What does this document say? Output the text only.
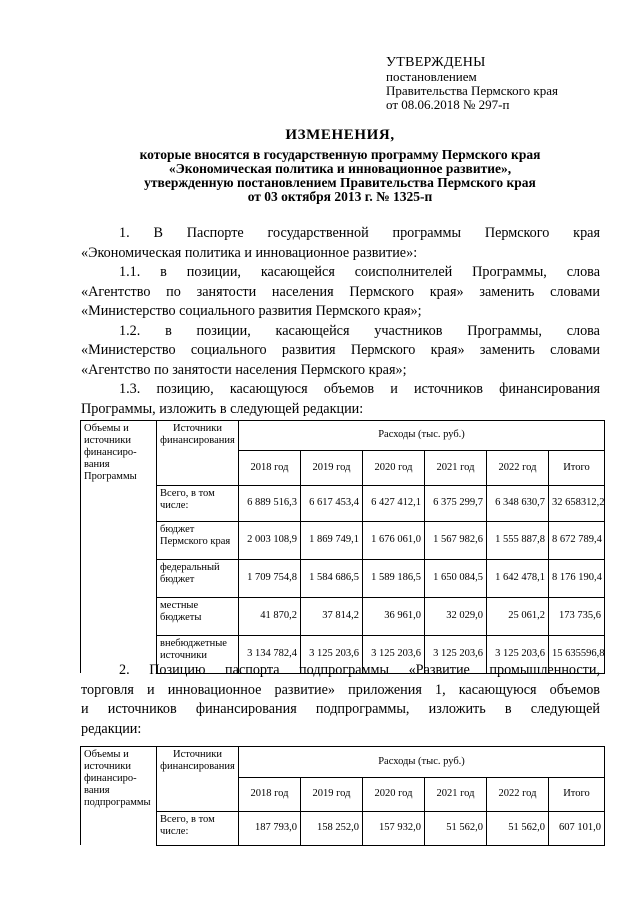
УТВЕРЖДЕНЫ
постановлением
Правительства Пермского края
от 08.06.2018 № 297-п
ИЗМЕНЕНИЯ,
которые вносятся в государственную программу Пермского края
«Экономическая политика и инновационное развитие»,
утвержденную постановлением Правительства Пермского края
от 03 октября 2013 г. № 1325-п
1. В Паспорте государственной программы Пермского края
«Экономическая политика и инновационное развитие»:
1.1. в позиции, касающейся соисполнителей Программы, слова
«Агентство по занятости населения Пермского края» заменить словами
«Министерство социального развития Пермского края»;
1.2. в позиции, касающейся участников Программы, слова
«Министерство социального развития Пермского края» заменить словами
«Агентство по занятости населения Пермского края»;
1.3. позицию, касающуюся объемов и источников финансирования
Программы, изложить в следующей редакции:
Объемы и источники финансиро-вания Программы	Источники финансирования	Расходы (тыс. руб.)					
		2018 год	2019 год	2020 год	2021 год	2022 год	Итого
	Всего, в том числе:	6 889 516,3	6 617 453,4	6 427 412,1	6 375 299,7	6 348 630,7	32 658312,2
	бюджет Пермского края	2 003 108,9	1 869 749,1	1 676 061,0	1 567 982,6	1 555 887,8	8 672 789,4
	федеральный бюджет	1 709 754,8	1 584 686,5	1 589 186,5	1 650 084,5	1 642 478,1	8 176 190,4
	местные бюджеты	41 870,2	37 814,2	36 961,0	32 029,0	25 061,2	173 735,6
	внебюджетные источники	3 134 782,4	3 125 203,6	3 125 203,6	3 125 203,6	3 125 203,6	15 635596,8
2. Позицию паспорта подпрограммы «Развитие промышленности,
торговля и инновационное развитие» приложения 1, касающуюся объемов
и источников финансирования подпрограммы, изложить в следующей
редакции:
Объемы и источники финансиро-вания подпрограммы	Источники финансирования	Расходы (тыс. руб.)					
		2018 год	2019 год	2020 год	2021 год	2022 год	Итого
	Всего, в том числе:	187 793,0	158 252,0	157 932,0	51 562,0	51 562,0	607 101,0
